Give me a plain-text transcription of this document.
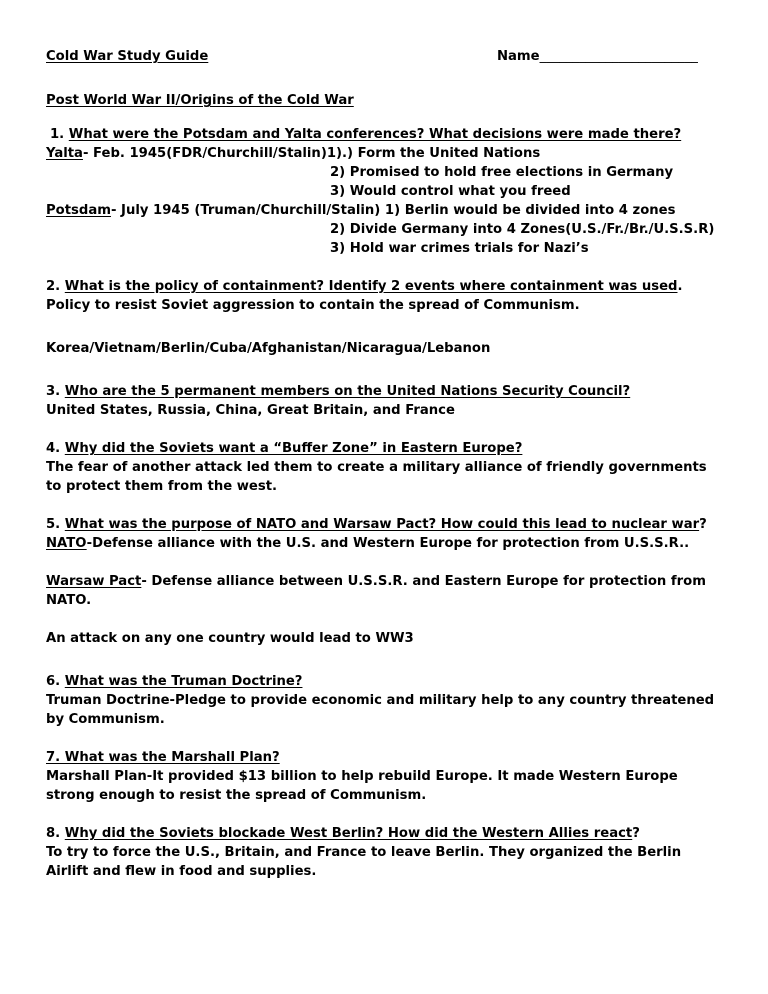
Cold War Study Guide	Name________________________
Post World War II/Origins of the Cold War
1. What were the Potsdam and Yalta conferences? What decisions were made there?
Yalta- Feb. 1945(FDR/Churchill/Stalin)1).) Form the United Nations
2) Promised to hold free elections in Germany
3) Would control what you freed
Potsdam- July 1945 (Truman/Churchill/Stalin) 1) Berlin would be divided into 4 zones
2) Divide Germany into 4 Zones(U.S./Fr./Br./U.S.S.R)
3) Hold war crimes trials for Nazi’s
2. What is the policy of containment? Identify 2 events where containment was used.
Policy to resist Soviet aggression to contain the spread of Communism.
Korea/Vietnam/Berlin/Cuba/Afghanistan/Nicaragua/Lebanon
3. Who are the 5 permanent members on the United Nations Security Council?
United States, Russia, China, Great Britain, and France
4. Why did the Soviets want a “Buffer Zone” in Eastern Europe?
The fear of another attack led them to create a military alliance of friendly governments
to protect them from the west.
5. What was the purpose of NATO and Warsaw Pact? How could this lead to nuclear war?
NATO-Defense alliance with the U.S. and Western Europe for protection from U.S.S.R..
Warsaw Pact- Defense alliance between U.S.S.R. and Eastern Europe for protection from
NATO.
An attack on any one country would lead to WW3
6. What was the Truman Doctrine?
Truman Doctrine-Pledge to provide economic and military help to any country threatened
by Communism.
7. What was the Marshall Plan?
Marshall Plan-It provided $13 billion to help rebuild Europe. It made Western Europe
strong enough to resist the spread of Communism.
8. Why did the Soviets blockade West Berlin? How did the Western Allies react?
To try to force the U.S., Britain, and France to leave Berlin. They organized the Berlin
Airlift and flew in food and supplies.
